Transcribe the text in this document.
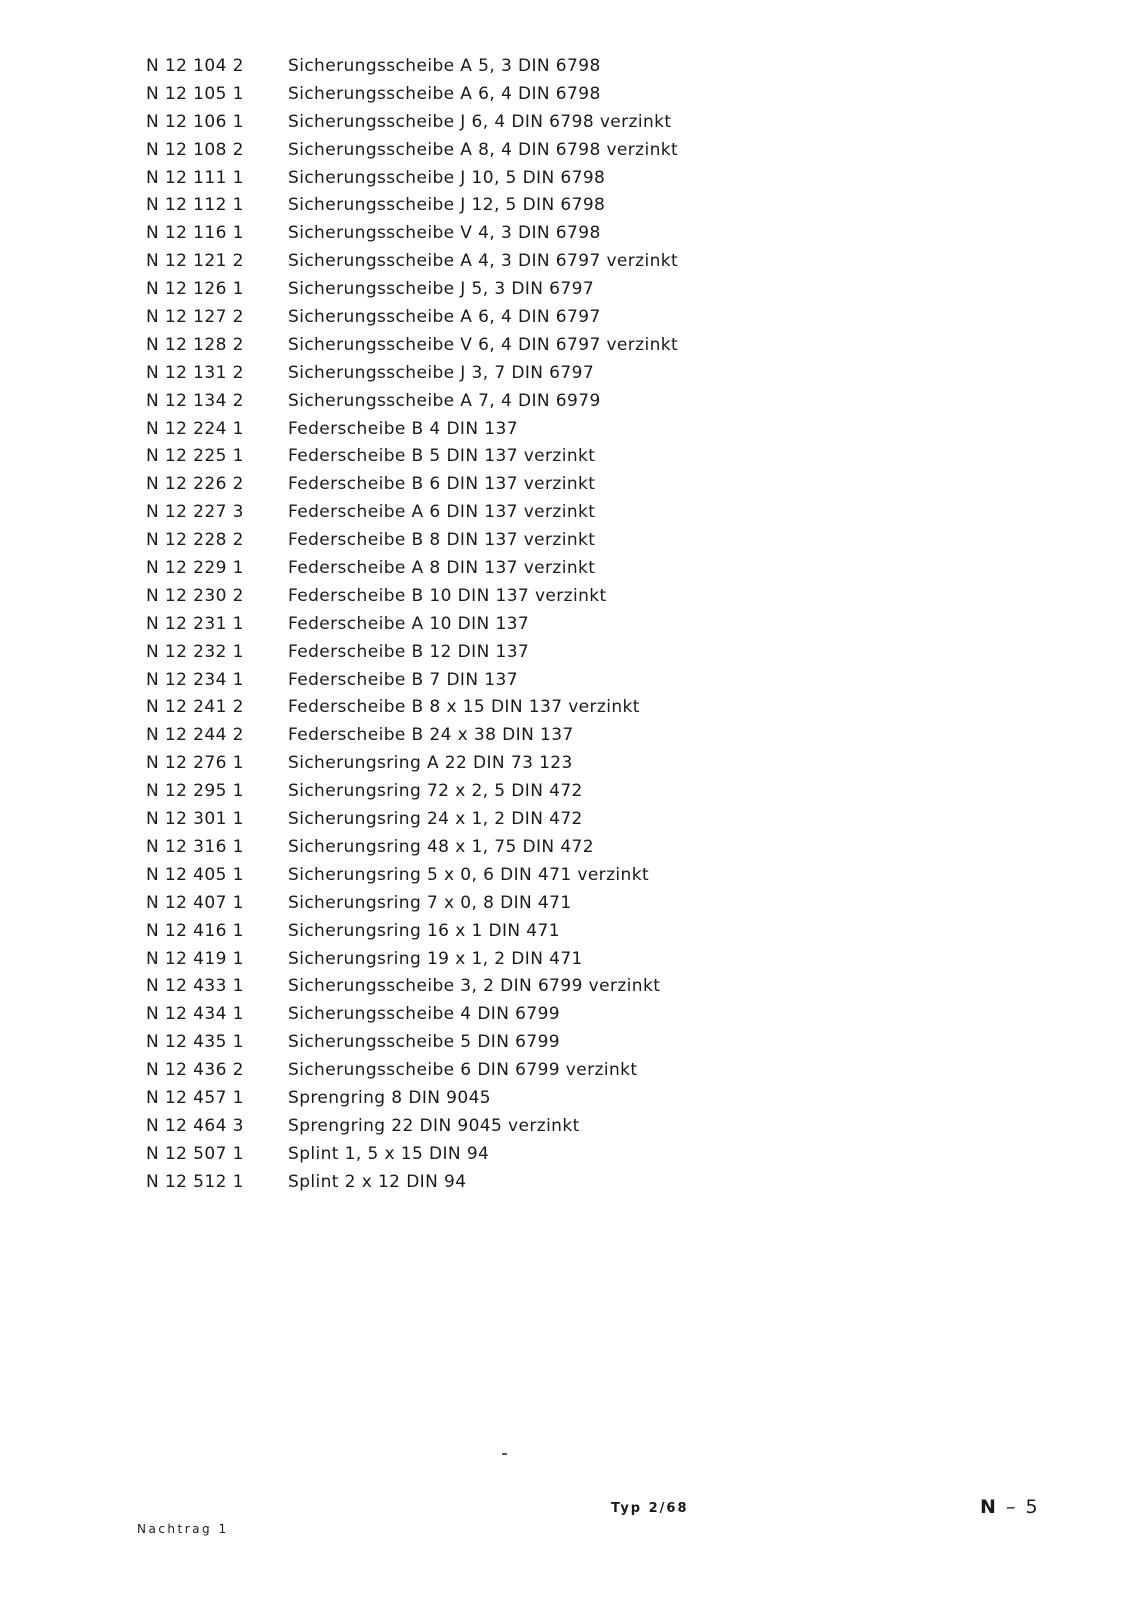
N 12 104 2	Sicherungsscheibe A 5, 3 DIN 6798
N 12 105 1	Sicherungsscheibe A 6, 4 DIN 6798
N 12 106 1	Sicherungsscheibe J 6, 4 DIN 6798 verzinkt
N 12 108 2	Sicherungsscheibe A 8, 4 DIN 6798 verzinkt
N 12 111 1	Sicherungsscheibe J 10, 5 DIN 6798
N 12 112 1	Sicherungsscheibe J 12, 5 DIN 6798
N 12 116 1	Sicherungsscheibe V 4, 3 DIN 6798
N 12 121 2	Sicherungsscheibe A 4, 3 DIN 6797 verzinkt
N 12 126 1	Sicherungsscheibe J 5, 3 DIN 6797
N 12 127 2	Sicherungsscheibe A 6, 4 DIN 6797
N 12 128 2	Sicherungsscheibe V 6, 4 DIN 6797 verzinkt
N 12 131 2	Sicherungsscheibe J 3, 7 DIN 6797
N 12 134 2	Sicherungsscheibe A 7, 4 DIN 6979
N 12 224 1	Federscheibe B 4 DIN 137
N 12 225 1	Federscheibe B 5 DIN 137 verzinkt
N 12 226 2	Federscheibe B 6 DIN 137 verzinkt
N 12 227 3	Federscheibe A 6 DIN 137 verzinkt
N 12 228 2	Federscheibe B 8 DIN 137 verzinkt
N 12 229 1	Federscheibe A 8 DIN 137 verzinkt
N 12 230 2	Federscheibe B 10 DIN 137 verzinkt
N 12 231 1	Federscheibe A 10 DIN 137
N 12 232 1	Federscheibe B 12 DIN 137
N 12 234 1	Federscheibe B 7 DIN 137
N 12 241 2	Federscheibe B 8 x 15 DIN 137 verzinkt
N 12 244 2	Federscheibe B 24 x 38 DIN 137
N 12 276 1	Sicherungsring A 22 DIN 73 123
N 12 295 1	Sicherungsring 72 x 2, 5 DIN 472
N 12 301 1	Sicherungsring 24 x 1, 2 DIN 472
N 12 316 1	Sicherungsring 48 x 1, 75 DIN 472
N 12 405 1	Sicherungsring 5 x 0, 6 DIN 471 verzinkt
N 12 407 1	Sicherungsring 7 x 0, 8 DIN 471
N 12 416 1	Sicherungsring 16 x 1 DIN 471
N 12 419 1	Sicherungsring 19 x 1, 2 DIN 471
N 12 433 1	Sicherungsscheibe 3, 2 DIN 6799 verzinkt
N 12 434 1	Sicherungsscheibe 4 DIN 6799
N 12 435 1	Sicherungsscheibe 5 DIN 6799
N 12 436 2	Sicherungsscheibe 6 DIN 6799 verzinkt
N 12 457 1	Sprengring 8 DIN 9045
N 12 464 3	Sprengring 22 DIN 9045 verzinkt
N 12 507 1	Splint 1, 5 x 15 DIN 94
N 12 512 1	Splint 2 x 12 DIN 94
Nachtrag 1
Typ 2/68	N – 5
